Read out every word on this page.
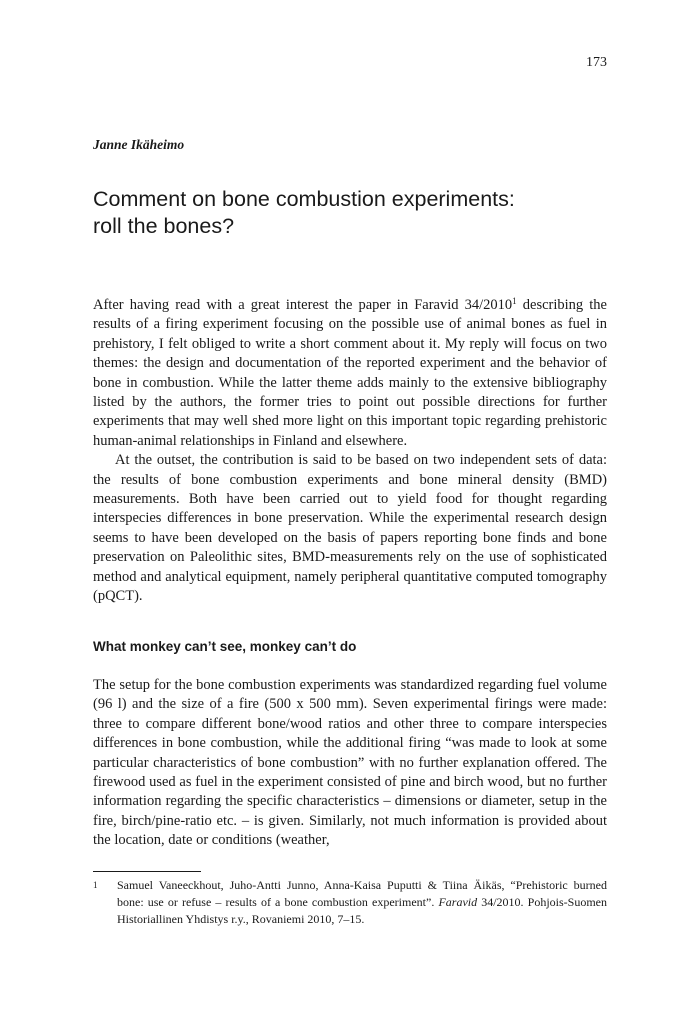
173
Janne Ikäheimo
Comment on bone combustion experiments:
roll the bones?

After having read with a great interest the paper in Faravid 34/2010$^1$ describing the results of a firing experiment focusing on the possible use of animal bones as fuel in prehistory, I felt obliged to write a short comment about it. My reply will focus on two themes: the design and documentation of the reported experiment and the behavior of bone in combustion. While the latter theme adds mainly to the extensive bibliography listed by the authors, the former tries to point out possible directions for further experiments that may well shed more light on this important topic regarding prehistoric human-animal relationships in Finland and elsewhere.

At the outset, the contribution is said to be based on two independent sets of data: the results of bone combustion experiments and bone mineral density (BMD) measurements. Both have been carried out to yield food for thought regarding interspecies differences in bone preservation. While the experimental research design seems to have been developed on the basis of papers reporting bone finds and bone preservation on Paleolithic sites, BMD-measurements rely on the use of sophisticated method and analytical equipment, namely peripheral quantitative computed tomography (pQCT).

What monkey can’t see, monkey can’t do

The setup for the bone combustion experiments was standardized regarding fuel volume (96 l) and the size of a fire (500 x 500 mm). Seven experimental firings were made: three to compare different bone/wood ratios and other three to compare interspecies differences in bone combustion, while the additional firing “was made to look at some particular characteristics of bone combustion” with no further explanation offered. The firewood used as fuel in the experiment consisted of pine and birch wood, but no further information regarding the specific characteristics – dimensions or diameter, setup in the fire, birch/pine-ratio etc. – is given. Similarly, not much information is provided about the location, date or conditions (weather,

1 Samuel Vaneeckhout, Juho-Antti Junno, Anna-Kaisa Puputti & Tiina Äikäs, “Prehistoric burned bone: use or refuse – results of a bone combustion experiment”. Faravid 34/2010. Pohjois-Suomen Historiallinen Yhdistys r.y., Rovaniemi 2010, 7–15.
